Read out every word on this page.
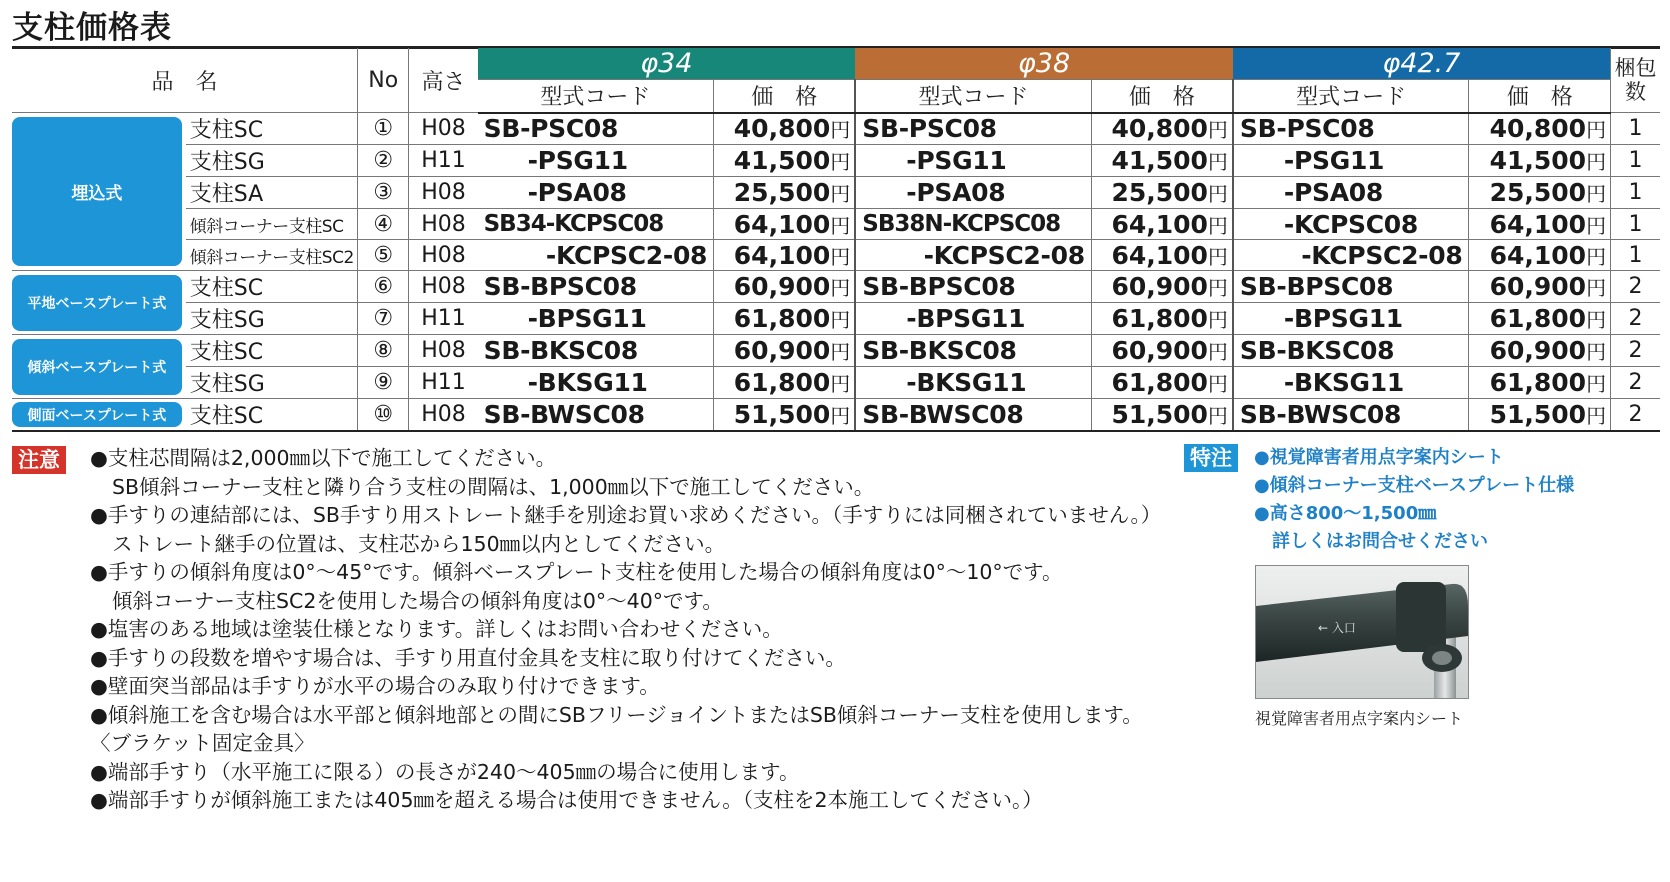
支柱価格表
品　名		No	高さ	φ34		φ38		φ42.7		梱包数
				型式コード	価　格	型式コード	価　格	型式コード	価　格	

埋込式	支柱SC	①	H08	SB-PSC08	40,800円	SB-PSC08	40,800円	SB-PSC08	40,800円	1
	支柱SG	②	H11	-PSG11	41,500円	-PSG11	41,500円	-PSG11	41,500円	1
	支柱SA	③	H08	-PSA08	25,500円	-PSA08	25,500円	-PSA08	25,500円	1
	傾斜コーナー支柱SC	④	H08	SB34-KCPSC08	64,100円	SB38N-KCPSC08	64,100円	-KCPSC08	64,100円	1
	傾斜コーナー支柱SC2	⑤	H08	-KCPSC2-08	64,100円	-KCPSC2-08	64,100円	-KCPSC2-08	64,100円	1

平地ベースプレート式	支柱SC	⑥	H08	SB-BPSC08	60,900円	SB-BPSC08	60,900円	SB-BPSC08	60,900円	2
	支柱SG	⑦	H11	-BPSG11	61,800円	-BPSG11	61,800円	-BPSG11	61,800円	2

傾斜ベースプレート式	支柱SC	⑧	H08	SB-BKSC08	60,900円	SB-BKSC08	60,900円	SB-BKSC08	60,900円	2
	支柱SG	⑨	H11	-BKSG11	61,800円	-BKSG11	61,800円	-BKSG11	61,800円	2

側面ベースプレート式	支柱SC	⑩	H08	SB-BWSC08	51,500円	SB-BWSC08	51,500円	SB-BWSC08	51,500円	2
注意 ●支柱芯間隔は2,000㎜以下で施工してください。
SB傾斜コーナー支柱と隣り合う支柱の間隔は、1,000㎜以下で施工してください。
●手すりの連結部には、SB手すり用ストレート継手を別途お買い求めください。（手すりには同梱されていません。）
ストレート継手の位置は、支柱芯から150㎜以内としてください。
●手すりの傾斜角度は0°～45°です。傾斜ベースプレート支柱を使用した場合の傾斜角度は0°～10°です。
傾斜コーナー支柱SC2を使用した場合の傾斜角度は0°～40°です。
●塩害のある地域は塗装仕様となります。詳しくはお問い合わせください。
●手すりの段数を増やす場合は、手すり用直付金具を支柱に取り付けてください。
●壁面突当部品は手すりが水平の場合のみ取り付けできます。
●傾斜施工を含む場合は水平部と傾斜地部との間にSBフリージョイントまたはSB傾斜コーナー支柱を使用します。
〈ブラケット固定金具〉
●端部手すり（水平施工に限る）の長さが240～405㎜の場合に使用します。
●端部手すりが傾斜施工または405㎜を超える場合は使用できません。（支柱を2本施工してください。）
特注	●視覚障害者用点字案内シート
●傾斜コーナー支柱ベースプレート仕様
●高さ800～1,500㎜
詳しくはお問合せください
← 入口
視覚障害者用点字案内シート
